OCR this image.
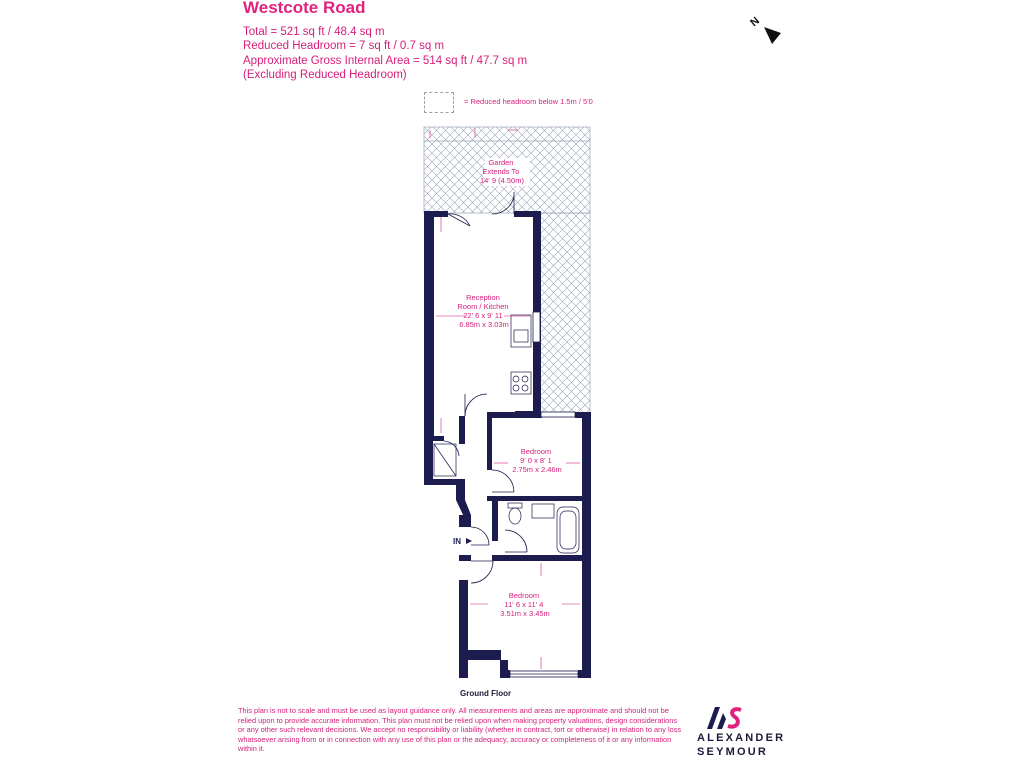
Westcote Road
Total = 521 sq ft / 48.4 sq m
Reduced Headroom = 7 sq ft / 0.7 sq m
Approximate Gross Internal Area = 514 sq ft / 47.7 sq m
(Excluding Reduced Headroom)
= Reduced headroom below 1.5m / 5'0
N
Garden Extends To 14' 9 (4.50m)
Reception Room / Kitchen 22' 6 x 9' 11 6.85m x 3.03m
Bedroom 9' 0 x 8' 1 2.75m x 2.46m
Bedroom 11' 6 x 11' 4 3.51m x 3.45m
IN
Ground Floor
This plan is not to scale and must be used as layout guidance only. All measurements and areas are approximate and should not be relied upon to provide accurate information. This plan must not be relied upon when making property valuations, design considerations or any other such relevant decisions. We accept no responsibility or liability (whether in contract, tort or otherwise) in relation to any loss whatsoever arising from or in connection with any use of this plan or the adequacy, accuracy or completeness of it or any information within it.
ALEXANDER
SEYMOUR
